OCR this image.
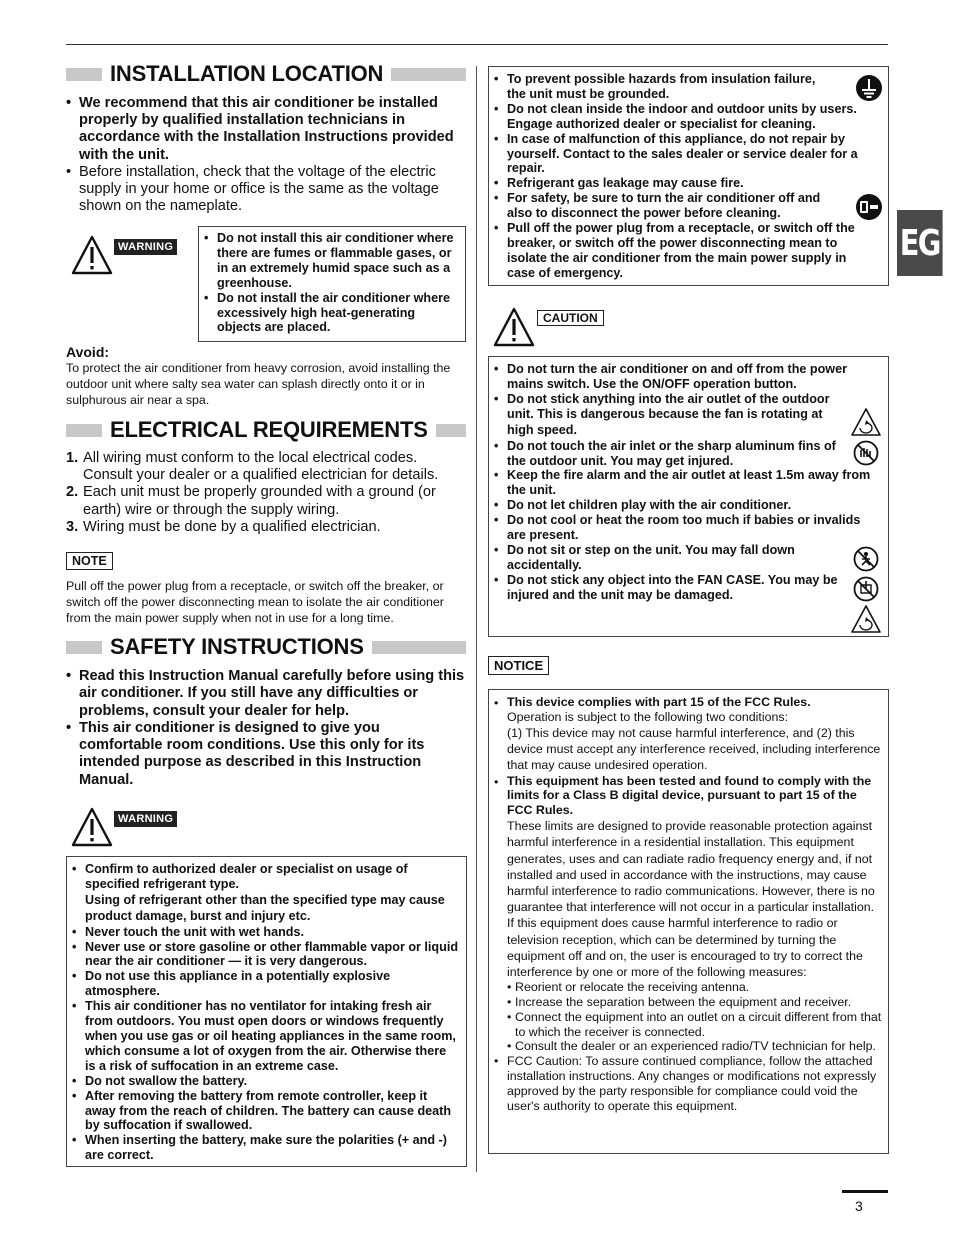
EG
INSTALLATION LOCATION
• We recommend that this air conditioner be installed properly by qualified installation technicians in accordance with the Installation Instructions provided with the unit.
• Before installation, check that the voltage of the electric supply in your home or office is the same as the voltage shown on the nameplate.
WARNING
• Do not install this air conditioner where there are fumes or flammable gases, or in an extremely humid space such as a greenhouse.
• Do not install the air conditioner where excessively high heat-generating objects are placed.
Avoid:
To protect the air conditioner from heavy corrosion, avoid installing the outdoor unit where salty sea water can splash directly onto it or in sulphurous air near a spa.
ELECTRICAL REQUIREMENTS
1. All wiring must conform to the local electrical codes. Consult your dealer or a qualified electrician for details.
2. Each unit must be properly grounded with a ground (or earth) wire or through the supply wiring.
3. Wiring must be done by a qualified electrician.
NOTE
Pull off the power plug from a receptacle, or switch off the breaker, or switch off the power disconnecting mean to isolate the air conditioner from the main power supply when not in use for a long time.
SAFETY INSTRUCTIONS
• Read this Instruction Manual carefully before using this air conditioner. If you still have any difficulties or problems, consult your dealer for help.
• This air conditioner is designed to give you comfortable room conditions. Use this only for its intended purpose as described in this Instruction Manual.
WARNING
• Confirm to authorized dealer or specialist on usage of specified refrigerant type.
Using of refrigerant other than the specified type may cause product damage, burst and injury etc.
• Never touch the unit with wet hands.
• Never use or store gasoline or other flammable vapor or liquid near the air conditioner — it is very dangerous.
• Do not use this appliance in a potentially explosive atmosphere.
• This air conditioner has no ventilator for intaking fresh air from outdoors. You must open doors or windows frequently when you use gas or oil heating appliances in the same room, which consume a lot of oxygen from the air. Otherwise there is a risk of suffocation in an extreme case.
• Do not swallow the battery.
• After removing the battery from remote controller, keep it away from the reach of children. The battery can cause death by suffocation if swallowed.
• When inserting the battery, make sure the polarities (+ and -) are correct.
• To prevent possible hazards from insulation failure, the unit must be grounded.
• Do not clean inside the indoor and outdoor units by users. Engage authorized dealer or specialist for cleaning.
• In case of malfunction of this appliance, do not repair by yourself. Contact to the sales dealer or service dealer for a repair.
• Refrigerant gas leakage may cause fire.
• For safety, be sure to turn the air conditioner off and also to disconnect the power before cleaning.
• Pull off the power plug from a receptacle, or switch off the breaker, or switch off the power disconnecting mean to isolate the air conditioner from the main power supply in case of emergency.
CAUTION
• Do not turn the air conditioner on and off from the power mains switch. Use the ON/OFF operation button.
• Do not stick anything into the air outlet of the outdoor unit. This is dangerous because the fan is rotating at high speed.
• Do not touch the air inlet or the sharp aluminum fins of the outdoor unit. You may get injured.
• Keep the fire alarm and the air outlet at least 1.5m away from the unit.
• Do not let children play with the air conditioner.
• Do not cool or heat the room too much if babies or invalids are present.
• Do not sit or step on the unit. You may fall down accidentally.
• Do not stick any object into the FAN CASE. You may be injured and the unit may be damaged.
NOTICE
• This device complies with part 15 of the FCC Rules.
Operation is subject to the following two conditions:
(1) This device may not cause harmful interference, and (2) this device must accept any interference received, including interference that may cause undesired operation.
• This equipment has been tested and found to comply with the limits for a Class B digital device, pursuant to part 15 of the FCC Rules.
These limits are designed to provide reasonable protection against harmful interference in a residential installation. This equipment generates, uses and can radiate radio frequency energy and, if not installed and used in accordance with the instructions, may cause harmful interference to radio communications. However, there is no guarantee that interference will not occur in a particular installation. If this equipment does cause harmful interference to radio or television reception, which can be determined by turning the equipment off and on, the user is encouraged to try to correct the interference by one or more of the following measures:
• Reorient or relocate the receiving antenna.
• Increase the separation between the equipment and receiver.
• Connect the equipment into an outlet on a circuit different from that to which the receiver is connected.
• Consult the dealer or an experienced radio/TV technician for help.
• FCC Caution: To assure continued compliance, follow the attached installation instructions. Any changes or modifications not expressly approved by the party responsible for compliance could void the user's authority to operate this equipment.
3
